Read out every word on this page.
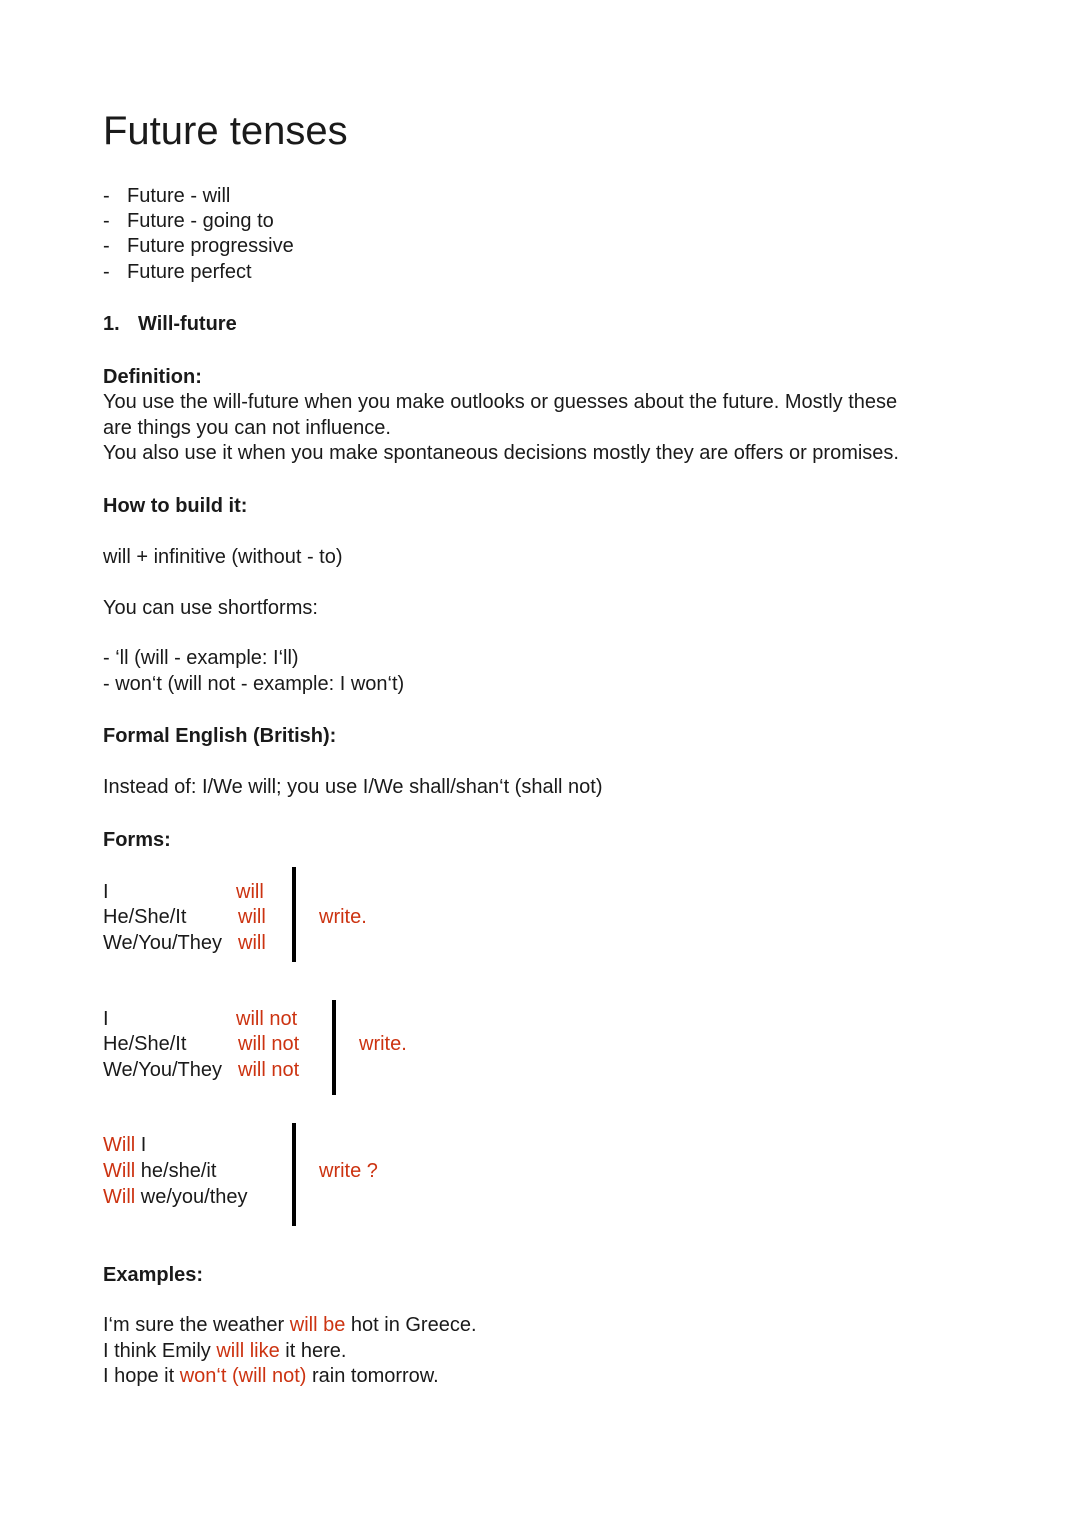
Future tenses
- Future - will
- Future - going to
- Future progressive
- Future perfect
1. Will-future
Definition:
You use the will-future when you make outlooks or guesses about the future. Mostly these
are things you can not influence.
You also use it when you make spontaneous decisions mostly they are offers or promises.
How to build it:
will + infinitive (without - to)
You can use shortforms:
- ‘ll (will - example: I‘ll)
- won‘t (will not - example: I won‘t)
Formal English (British):
Instead of: I/We will; you use I/We shall/shan‘t (shall not)
Forms:
I	will
He/She/It	will
We/You/They will
write.
I	will not
He/She/It	will not
We/You/They will not
write.
Will I
Will he/she/it
Will we/you/they
write ?
Examples:
I‘m sure the weather will be hot in Greece.
I think Emily will like it here.
I hope it won‘t (will not) rain tomorrow.
